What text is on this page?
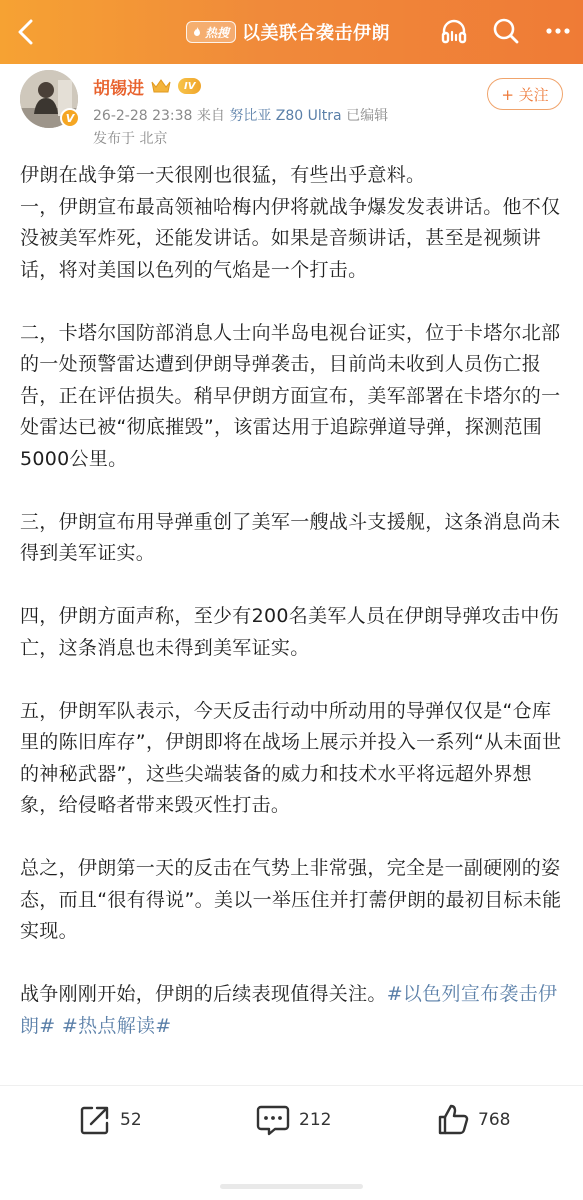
热搜 以美联合袭击伊朗
V
胡锡进	IV
26-2-28 23:38 来自 努比亚 Z80 Ultra 已编辑
发布于 北京
+ 关注

伊朗在战争第一天很刚也很猛，有些出乎意料。

一，伊朗宣布最高领袖哈梅内伊将就战争爆发发表讲话。他不仅没被美军炸死，还能发讲话。如果是音频讲话，甚至是视频讲话，将对美国以色列的气焰是一个打击。

二，卡塔尔国防部消息人士向半岛电视台证实，位于卡塔尔北部的一处预警雷达遭到伊朗导弹袭击，目前尚未收到人员伤亡报告，正在评估损失。稍早伊朗方面宣布，美军部署在卡塔尔的一处雷达已被“彻底摧毁”，该雷达用于追踪弹道导弹，探测范围5000公里。

三，伊朗宣布用导弹重创了美军一艘战斗支援舰，这条消息尚未得到美军证实。

四，伊朗方面声称，至少有200名美军人员在伊朗导弹攻击中伤亡，这条消息也未得到美军证实。

五，伊朗军队表示，今天反击行动中所动用的导弹仅仅是“仓库里的陈旧库存”，伊朗即将在战场上展示并投入一系列“从未面世的神秘武器”，这些尖端装备的威力和技术水平将远超外界想象，给侵略者带来毁灭性打击。

总之，伊朗第一天的反击在气势上非常强，完全是一副硬刚的姿态，而且“很有得说”。美以一举压住并打薷伊朗的最初目标未能实现。

战争刚刚开始，伊朗的后续表现值得关注。#以色列宣布袭击伊朗# #热点解读#

52	212	768
